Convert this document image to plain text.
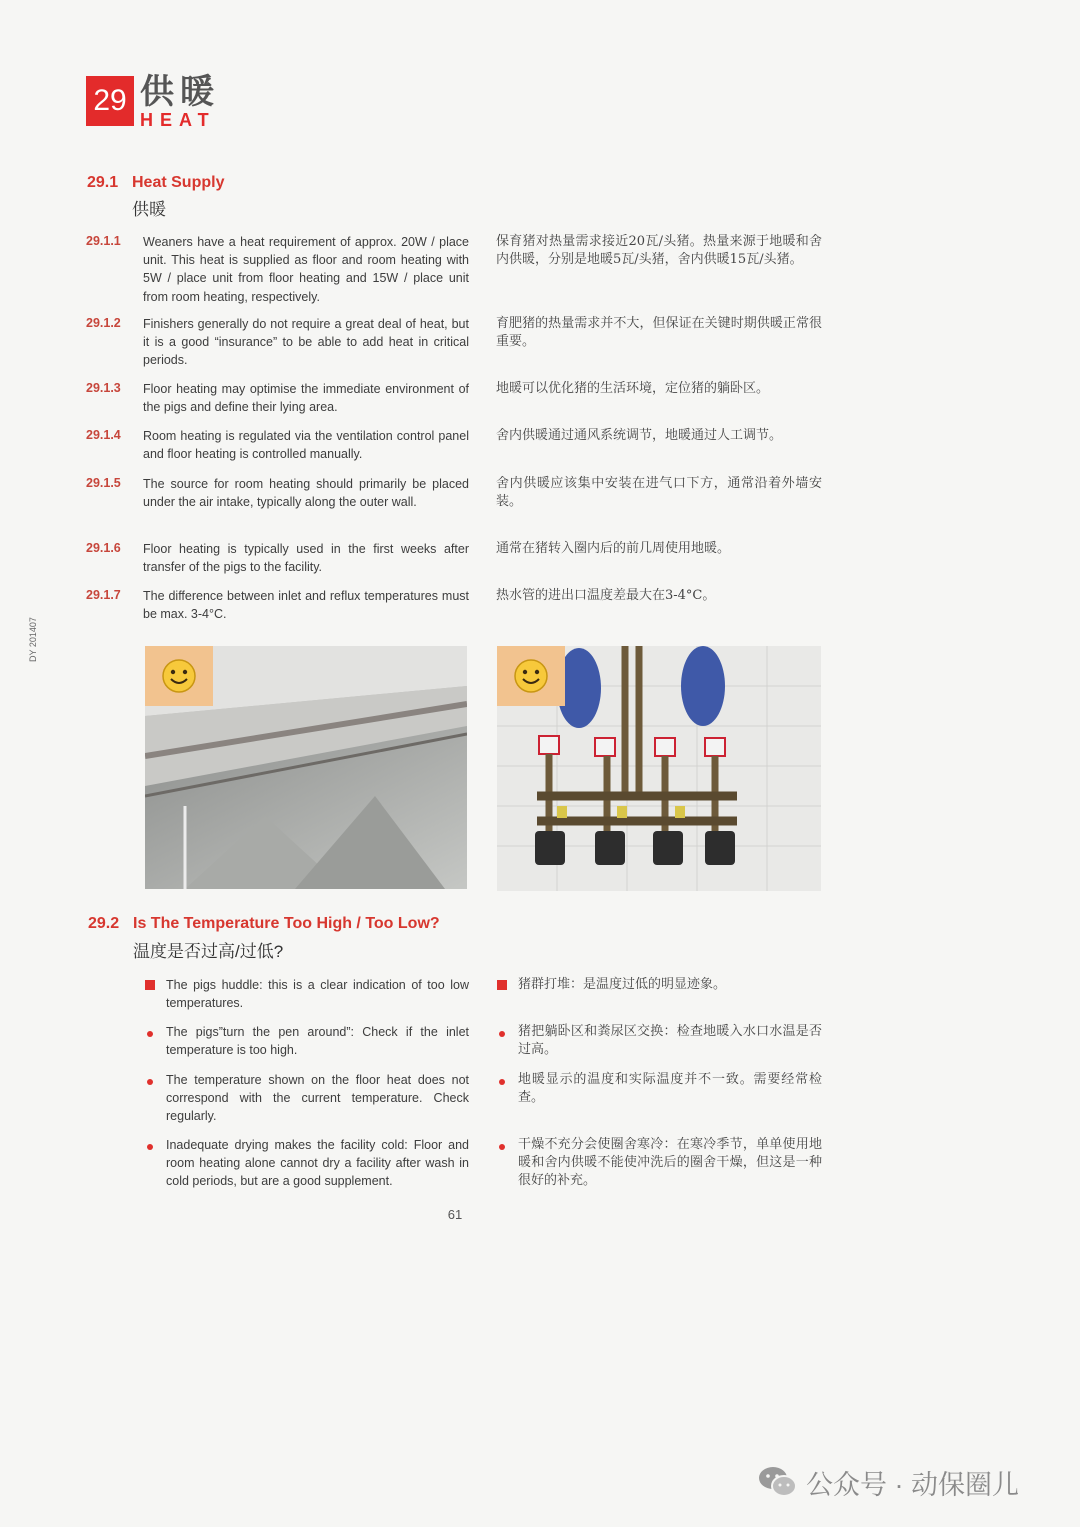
29 供暖
HEAT
DY 201407
29.1 Heat Supply
供暖
29.1.1	Weaners have a heat requirement of approx. 20W / place unit. This heat is supplied as floor and room heating with 5W / place unit from floor heating and 15W / place unit from room heating, respectively.
保育猪对热量需求接近20瓦/头猪。热量来源于地暖和舍内供暖，分别是地暖5瓦/头猪，舍内供暖15瓦/头猪。
29.1.2	Finishers generally do not require a great deal of heat, but it is a good “insurance” to be able to add heat in critical periods.
育肥猪的热量需求并不大，但保证在关键时期供暖正常很重要。
29.1.3	Floor heating may optimise the immediate environment of the pigs and define their lying area.
地暖可以优化猪的生活环境，定位猪的躺卧区。
29.1.4	Room heating is regulated via the ventilation control panel and floor heating is controlled manually.
舍内供暖通过通风系统调节，地暖通过人工调节。
29.1.5	The source for room heating should primarily be placed under the air intake, typically along the outer wall.
舍内供暖应该集中安装在进气口下方，通常沿着外墙安装。
29.1.6	Floor heating is typically used in the first weeks after transfer of the pigs to the facility.
通常在猪转入圈内后的前几周使用地暖。
29.1.7	The difference between inlet and reflux temperatures must be max. 3-4°C.
热水管的进出口温度差最大在3-4°C。
29.2 Is The Temperature Too High / Too Low?
温度是否过高/过低?
The pigs huddle: this is a clear indication of too low temperatures.
猪群打堆：是温度过低的明显迹象。
The pigs”turn the pen around”: Check if the inlet temperature is too high.
猪把躺卧区和粪尿区交换：检查地暖入水口水温是否过高。
The temperature shown on the floor heat does not correspond with the current temperature. Check regularly.
地暖显示的温度和实际温度并不一致。需要经常检查。
Inadequate drying makes the facility cold: Floor and room heating alone cannot dry a facility after wash in cold periods, but are a good supplement.
干燥不充分会使圈舍寒冷：在寒冷季节，单单使用地暖和舍内供暖不能使冲洗后的圈舍干燥，但这是一种很好的补充。
61
公众号 · 动保圈儿
